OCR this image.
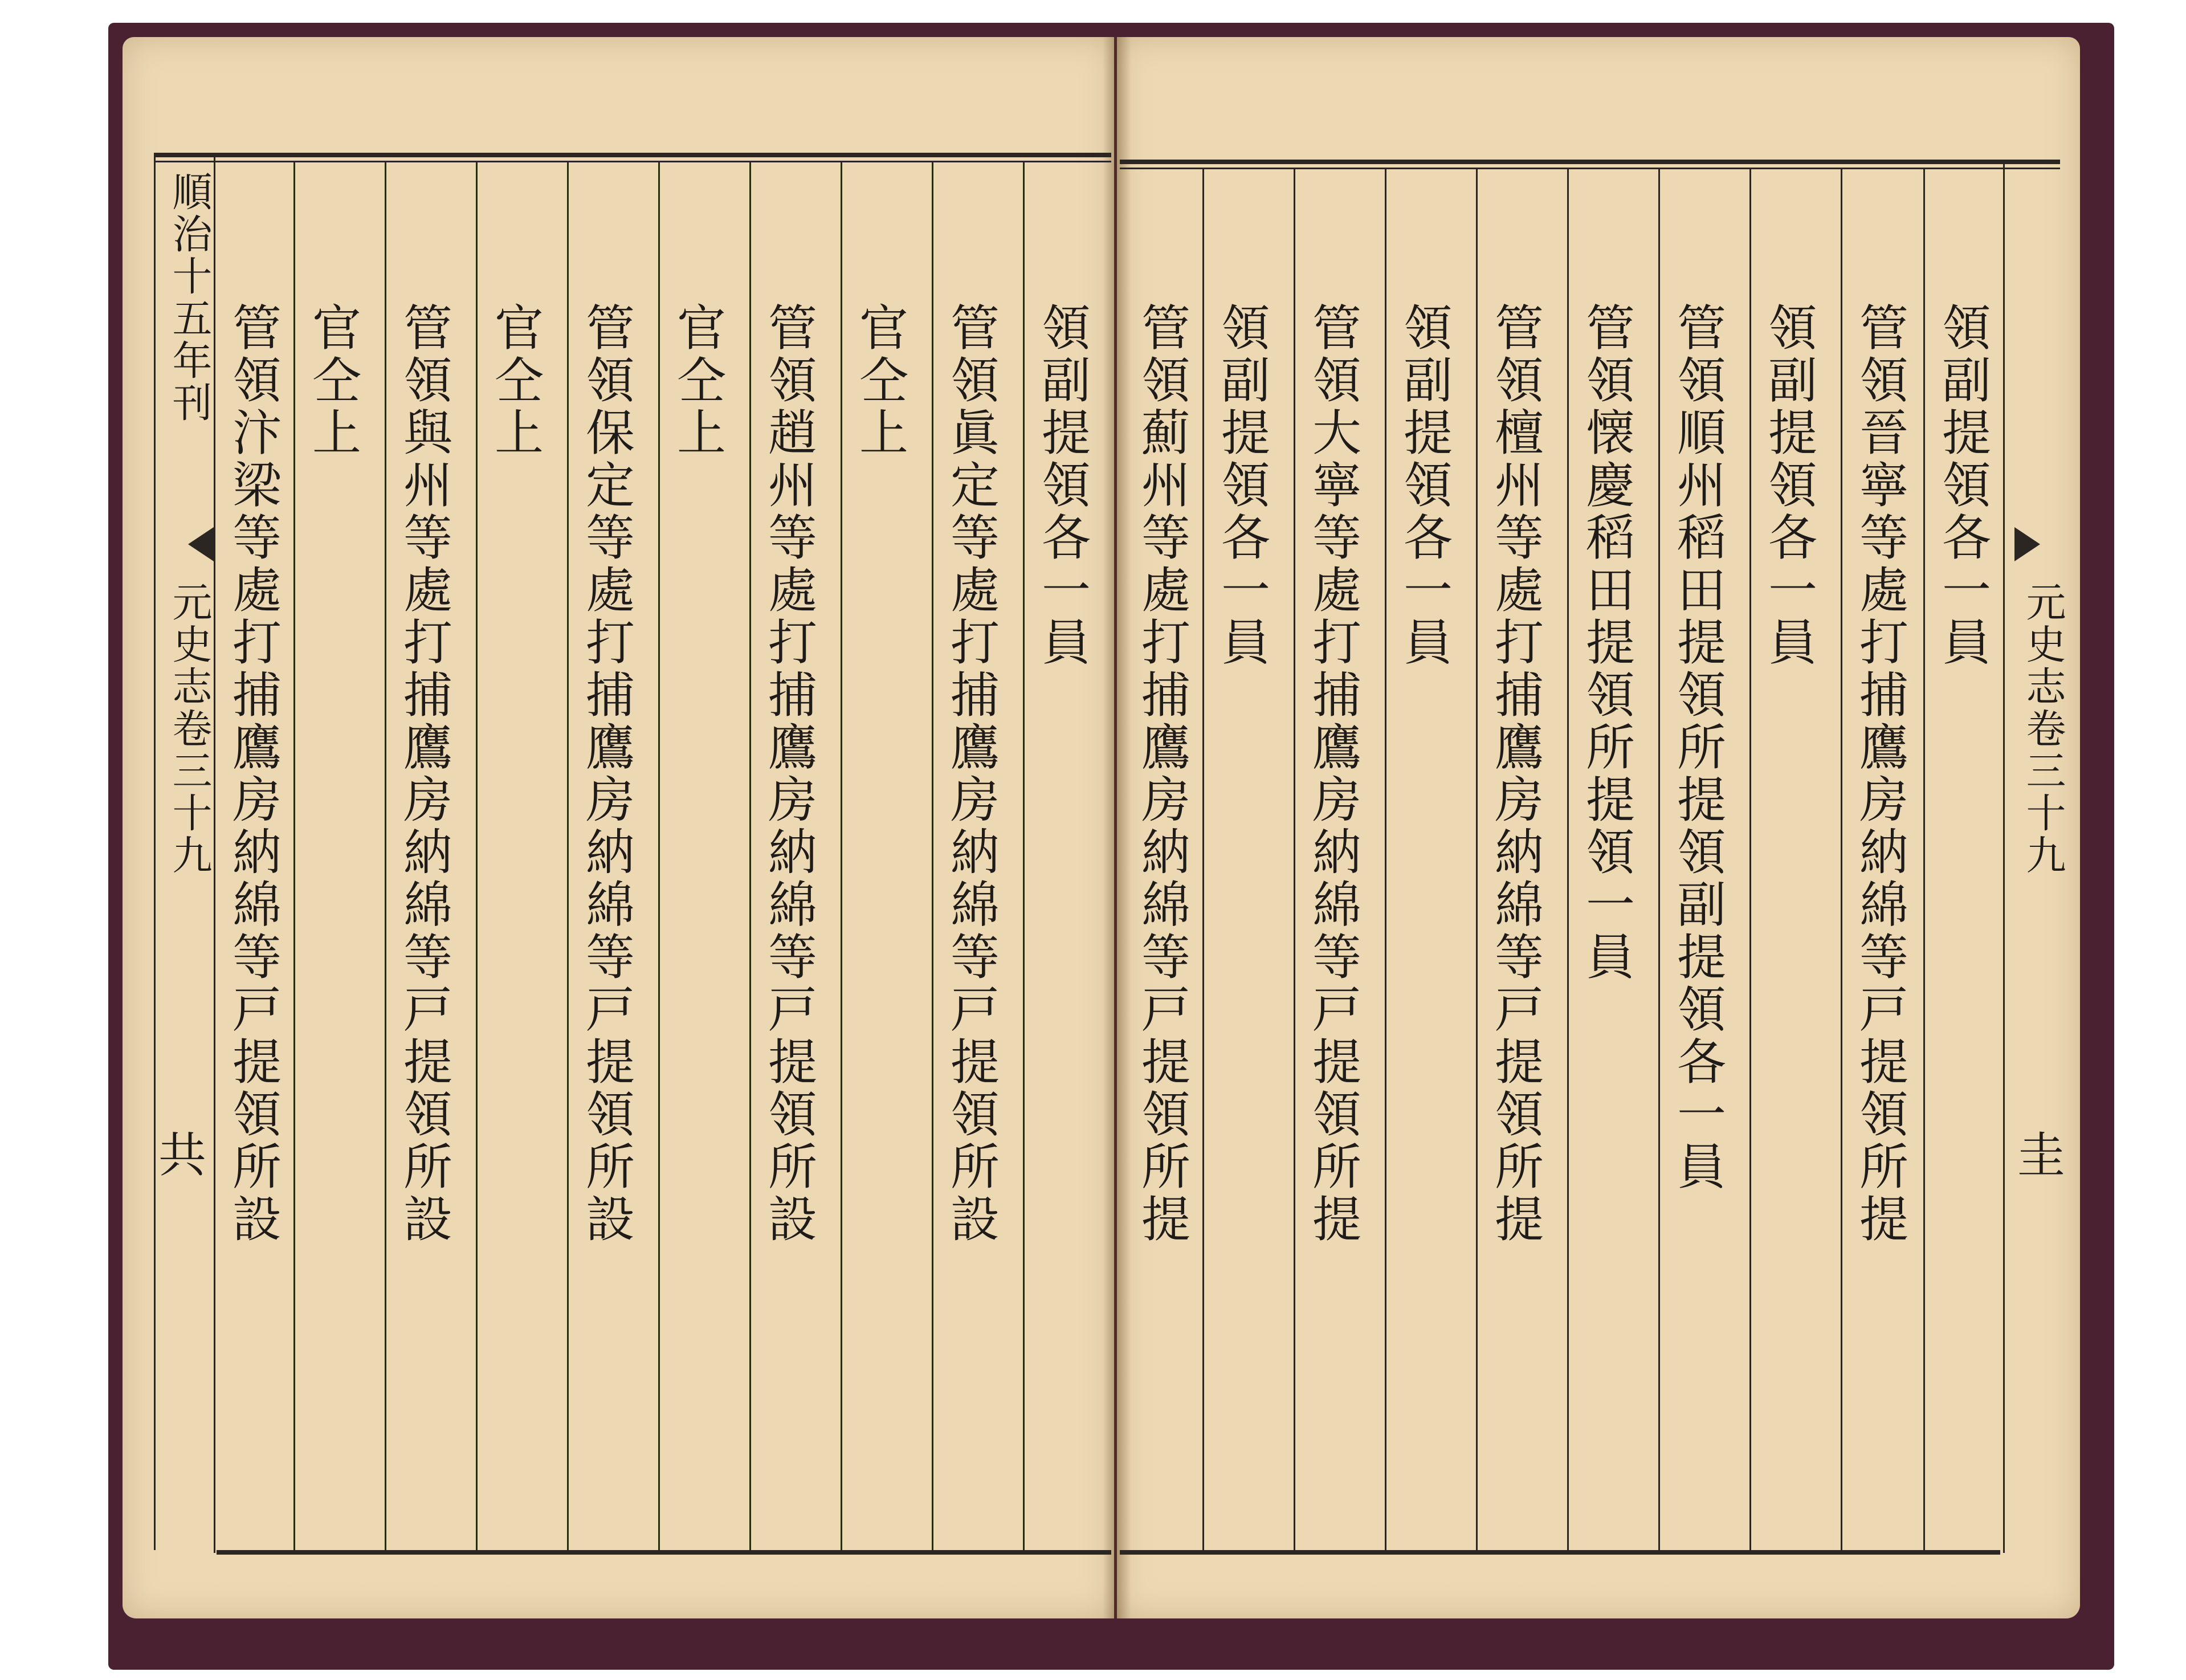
順治十五年刊
元史志卷三十九
共
元史志卷三十九
圭
領副提領各一員
管領眞定等處打捕鷹房納綿等戸提領所設
官仝上
管領趙州等處打捕鷹房納綿等戸提領所設
官仝上
管領保定等處打捕鷹房納綿等戸提領所設
官仝上
管領與州等處打捕鷹房納綿等戸提領所設
官仝上
管領汴梁等處打捕鷹房納綿等戸提領所設	領副提領各一員
管領晉寧等處打捕鷹房納綿等戸提領所提
領副提領各一員
管領順州稻田提領所提領副提領各一員
管領懐慶稻田提領所提領一員
管領檀州等處打捕鷹房納綿等戸提領所提
領副提領各一員
管領大寧等處打捕鷹房納綿等戸提領所提
領副提領各一員
管領薊州等處打捕鷹房納綿等戸提領所提
